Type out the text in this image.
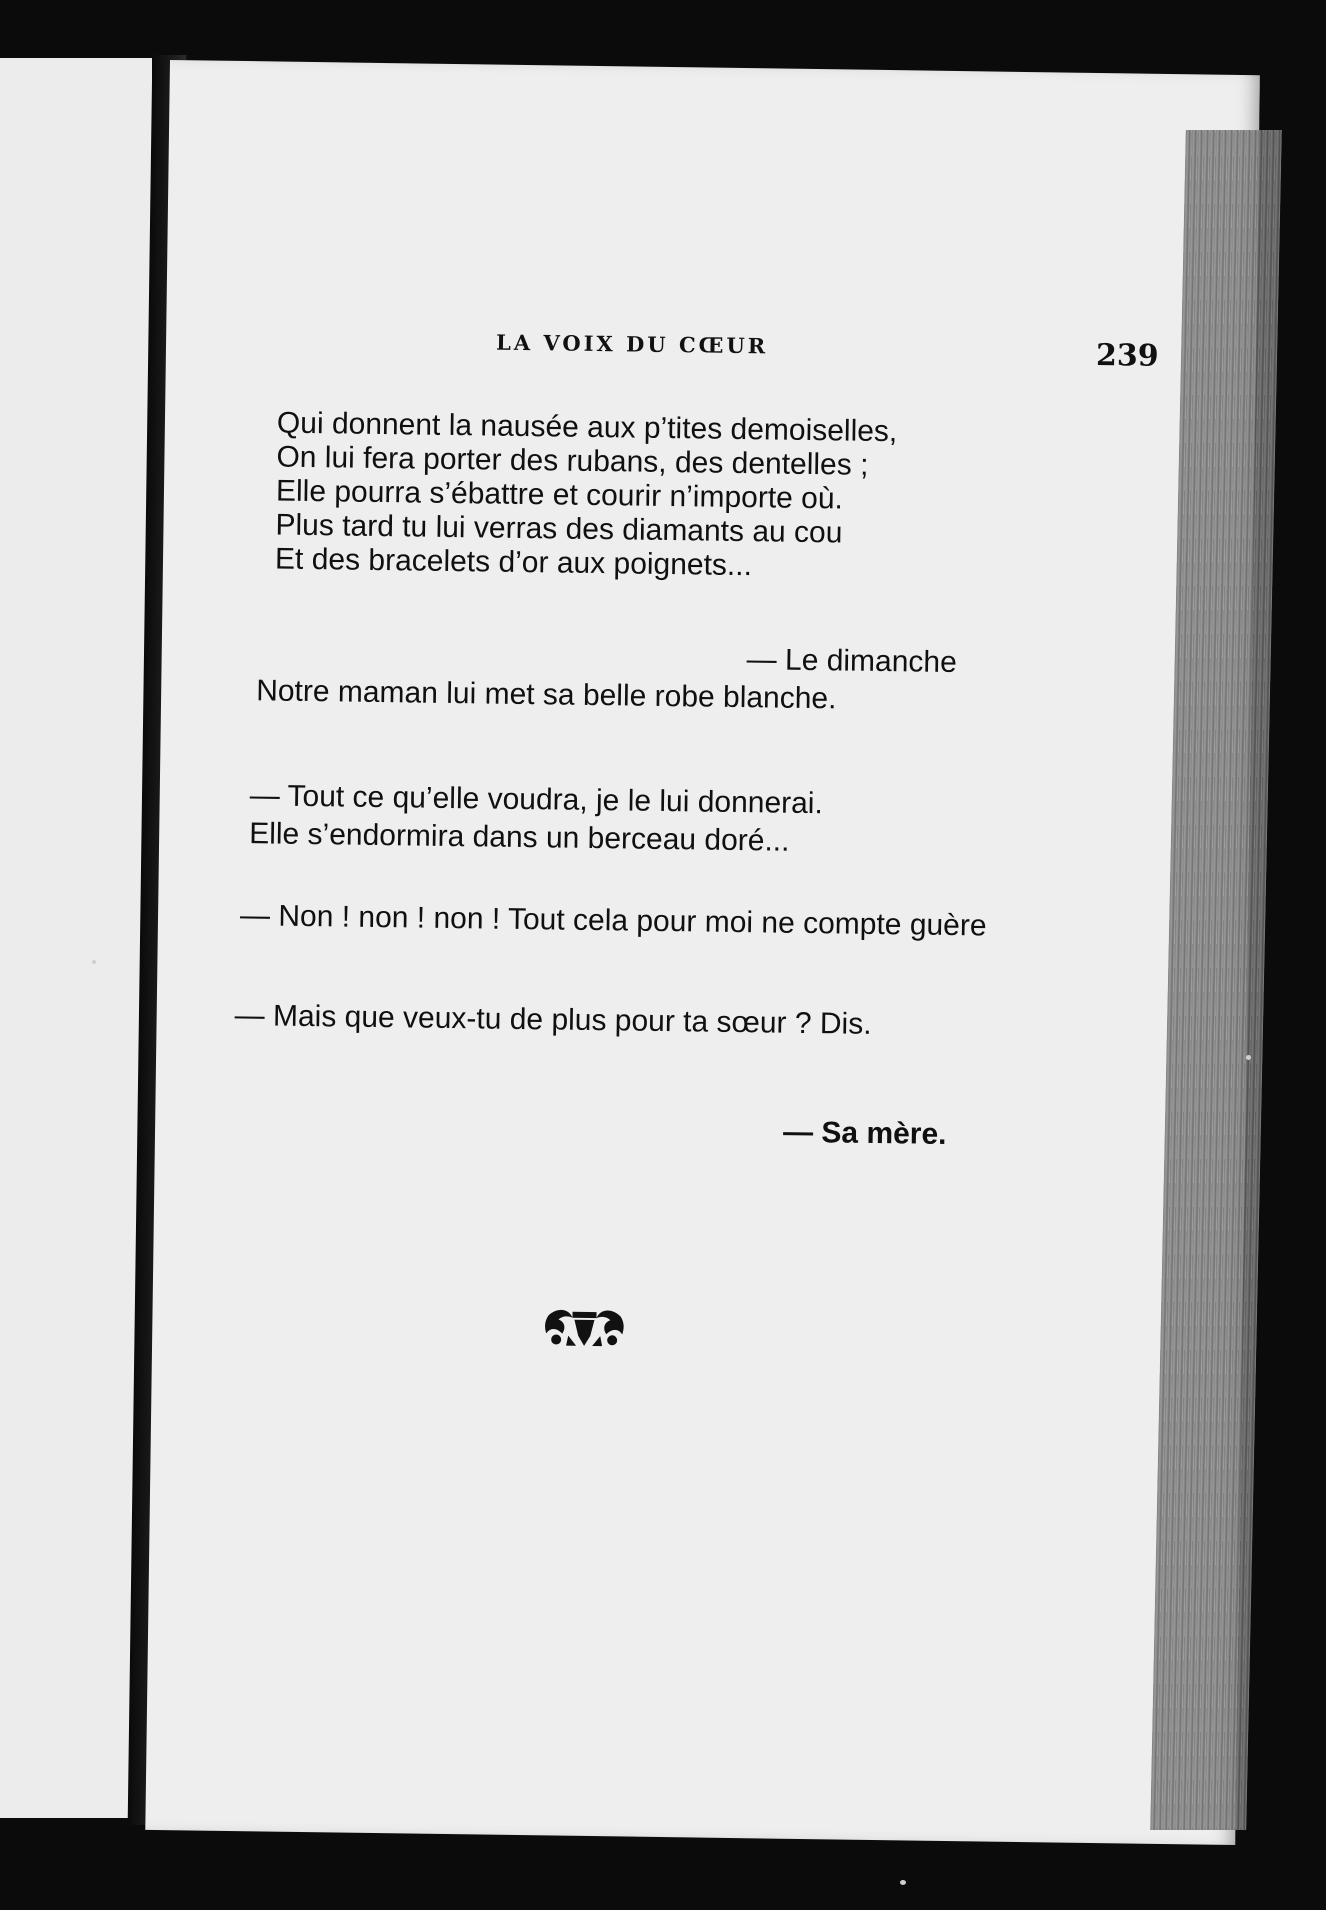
LA VOIX DU CŒUR	239
Qui donnent la nausée aux p’tites demoiselles,
On lui fera porter des rubans, des dentelles ;
Elle pourra s’ébattre et courir n’importe où.
Plus tard tu lui verras des diamants au cou
Et des bracelets d’or aux poignets...
— Le dimanche
Notre maman lui met sa belle robe blanche.
— Tout ce qu’elle voudra, je le lui donnerai.
Elle s’endormira dans un berceau doré...
— Non ! non ! non ! Tout cela pour moi ne compte guère
— Mais que veux-tu de plus pour ta sœur ? Dis.
— Sa mère.
